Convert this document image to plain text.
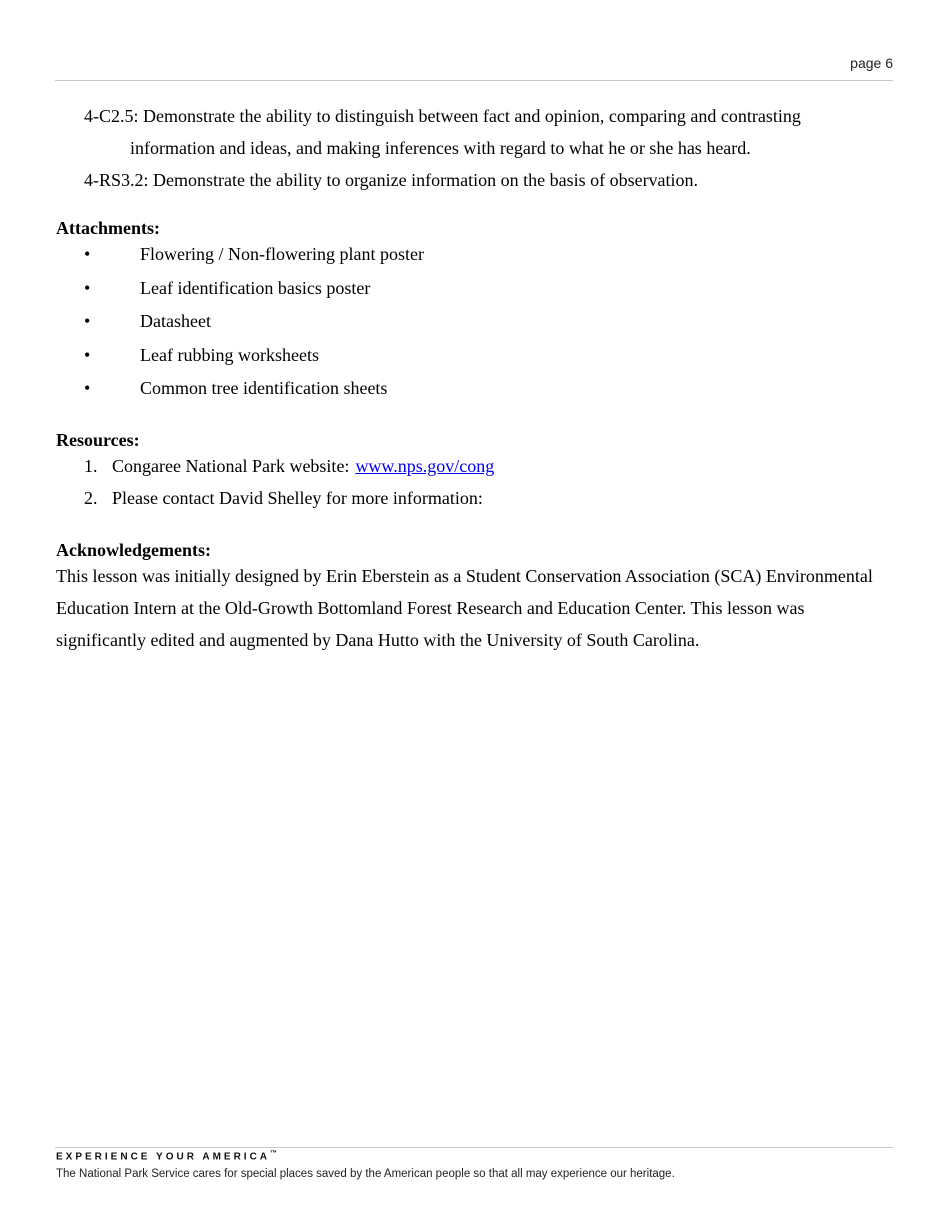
page 6
4-C2.5: Demonstrate the ability to distinguish between fact and opinion, comparing and contrasting information and ideas, and making inferences with regard to what he or she has heard.
4-RS3.2: Demonstrate the ability to organize information on the basis of observation.
Attachments:
•	Flowering / Non-flowering plant poster
•	Leaf identification basics poster
•	Datasheet
•	Leaf rubbing worksheets
•	Common tree identification sheets
Resources:
1. Congaree National Park website: www.nps.gov/cong
2. Please contact David Shelley for more information:
Acknowledgements:

This lesson was initially designed by Erin Eberstein as a Student Conservation Association (SCA) Environmental Education Intern at the Old-Growth Bottomland Forest Research and Education Center. This lesson was significantly edited and augmented by Dana Hutto with the University of South Carolina.

EXPERIENCE YOUR AMERICA™
The National Park Service cares for special places saved by the American people so that all may experience our heritage.
